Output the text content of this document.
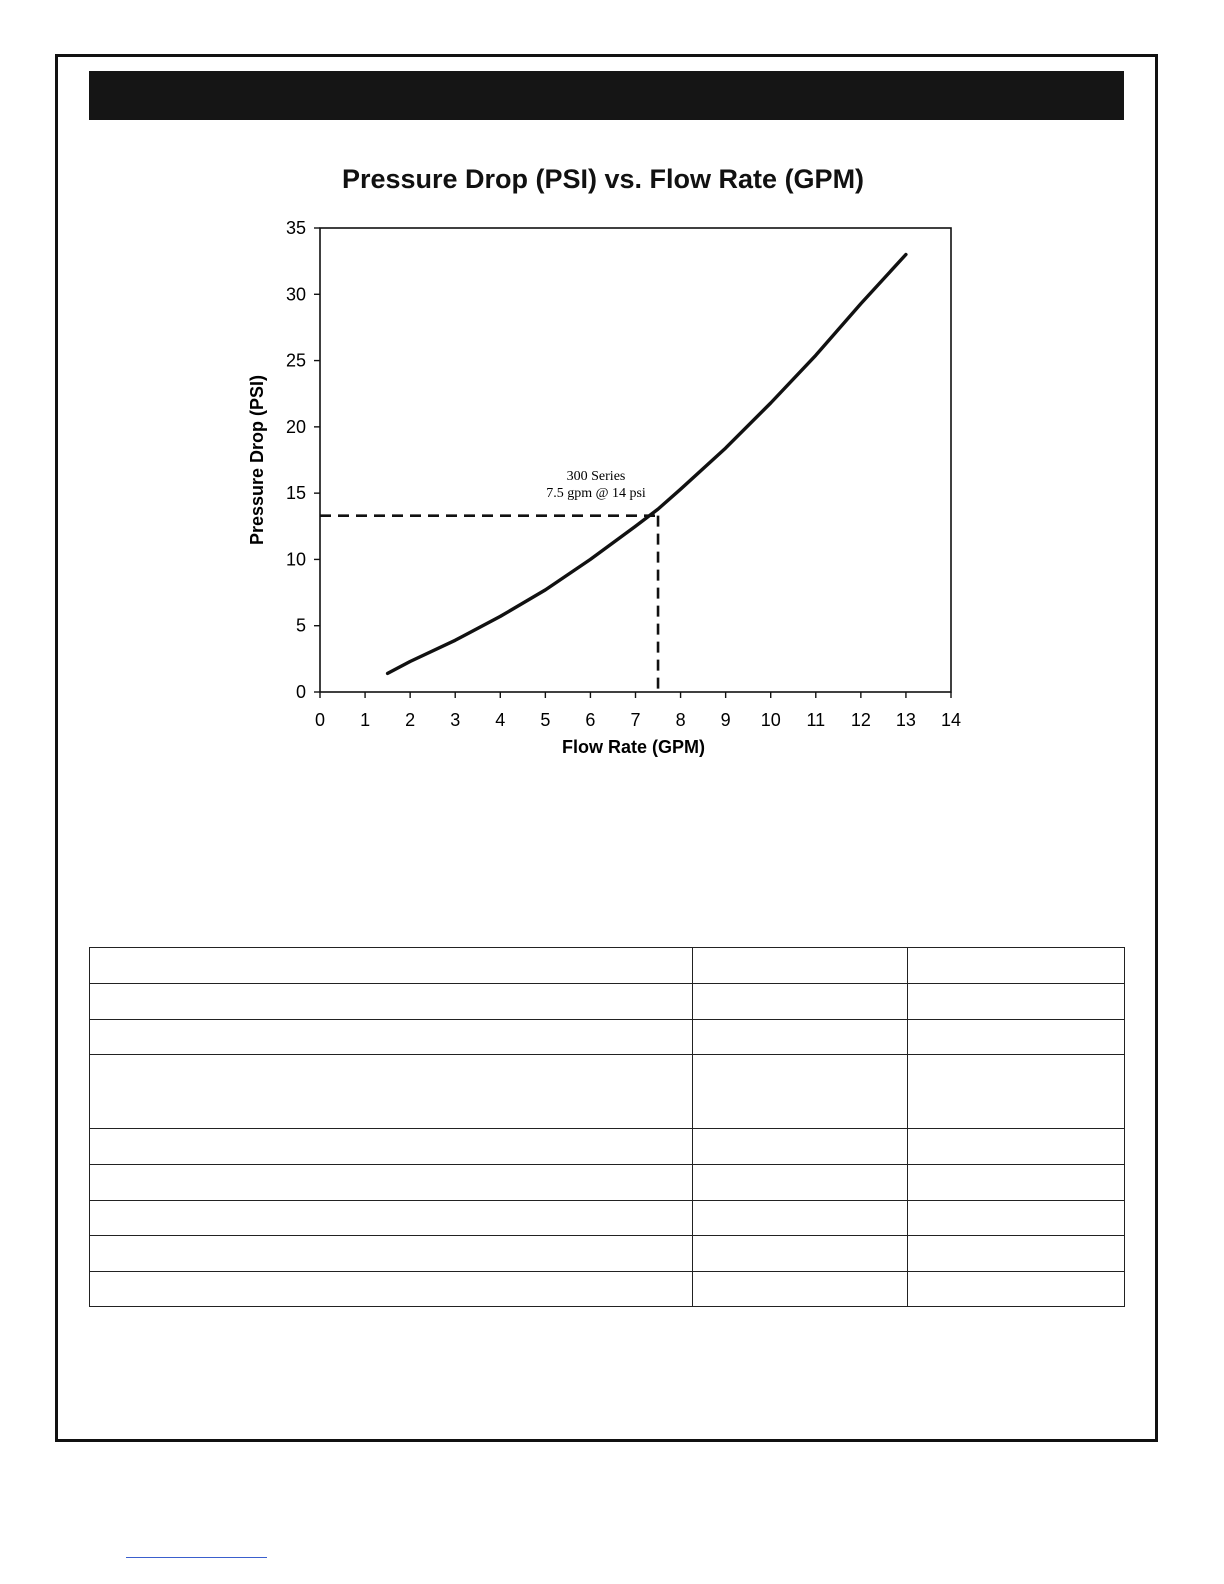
Pressure Drop (PSI) vs. Flow Rate (GPM)
0
5
10
15
20
25
30
35
0 1 2 3 4 5 6 7 8 9 10 11 12 13 14
Flow Rate (GPM)
Pressure Drop (PSI)	300 Series
7.5 gpm @ 14 psi
